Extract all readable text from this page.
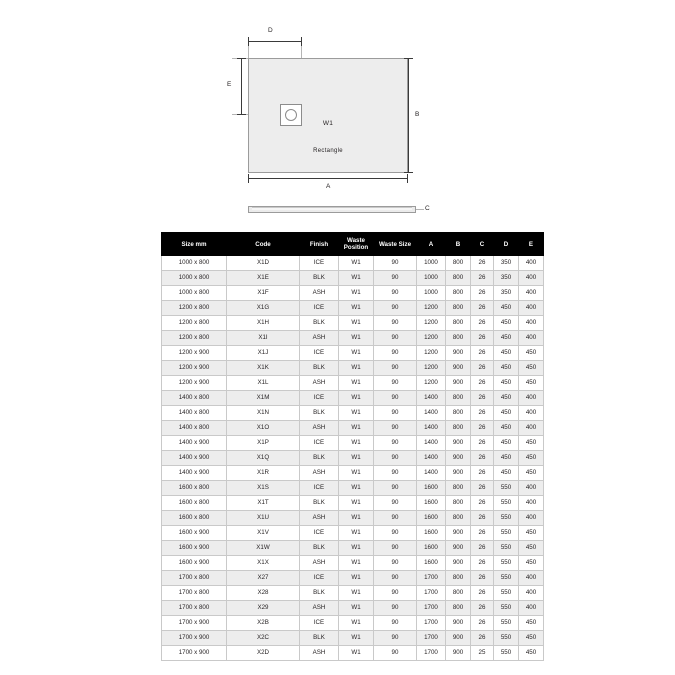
D
E
W1
Rectangle
B
A
C
Size mm	Code	Finish	Waste Position	Waste Size	A	B	C	D	E
1000 x 800	X1D	ICE	W1	90	1000	800	26	350	400
1000 x 800	X1E	BLK	W1	90	1000	800	26	350	400
1000 x 800	X1F	ASH	W1	90	1000	800	26	350	400
1200 x 800	X1G	ICE	W1	90	1200	800	26	450	400
1200 x 800	X1H	BLK	W1	90	1200	800	26	450	400
1200 x 800	X1I	ASH	W1	90	1200	800	26	450	400
1200 x 900	X1J	ICE	W1	90	1200	900	26	450	450
1200 x 900	X1K	BLK	W1	90	1200	900	26	450	450
1200 x 900	X1L	ASH	W1	90	1200	900	26	450	450
1400 x 800	X1M	ICE	W1	90	1400	800	26	450	400
1400 x 800	X1N	BLK	W1	90	1400	800	26	450	400
1400 x 800	X1O	ASH	W1	90	1400	800	26	450	400
1400 x 900	X1P	ICE	W1	90	1400	900	26	450	450
1400 x 900	X1Q	BLK	W1	90	1400	900	26	450	450
1400 x 900	X1R	ASH	W1	90	1400	900	26	450	450
1600 x 800	X1S	ICE	W1	90	1600	800	26	550	400
1600 x 800	X1T	BLK	W1	90	1600	800	26	550	400
1600 x 800	X1U	ASH	W1	90	1600	800	26	550	400
1600 x 900	X1V	ICE	W1	90	1600	900	26	550	450
1600 x 900	X1W	BLK	W1	90	1600	900	26	550	450
1600 x 900	X1X	ASH	W1	90	1600	900	26	550	450
1700 x 800	X27	ICE	W1	90	1700	800	26	550	400
1700 x 800	X28	BLK	W1	90	1700	800	26	550	400
1700 x 800	X29	ASH	W1	90	1700	800	26	550	400
1700 x 900	X2B	ICE	W1	90	1700	900	26	550	450
1700 x 900	X2C	BLK	W1	90	1700	900	26	550	450
1700 x 900	X2D	ASH	W1	90	1700	900	25	550	450
